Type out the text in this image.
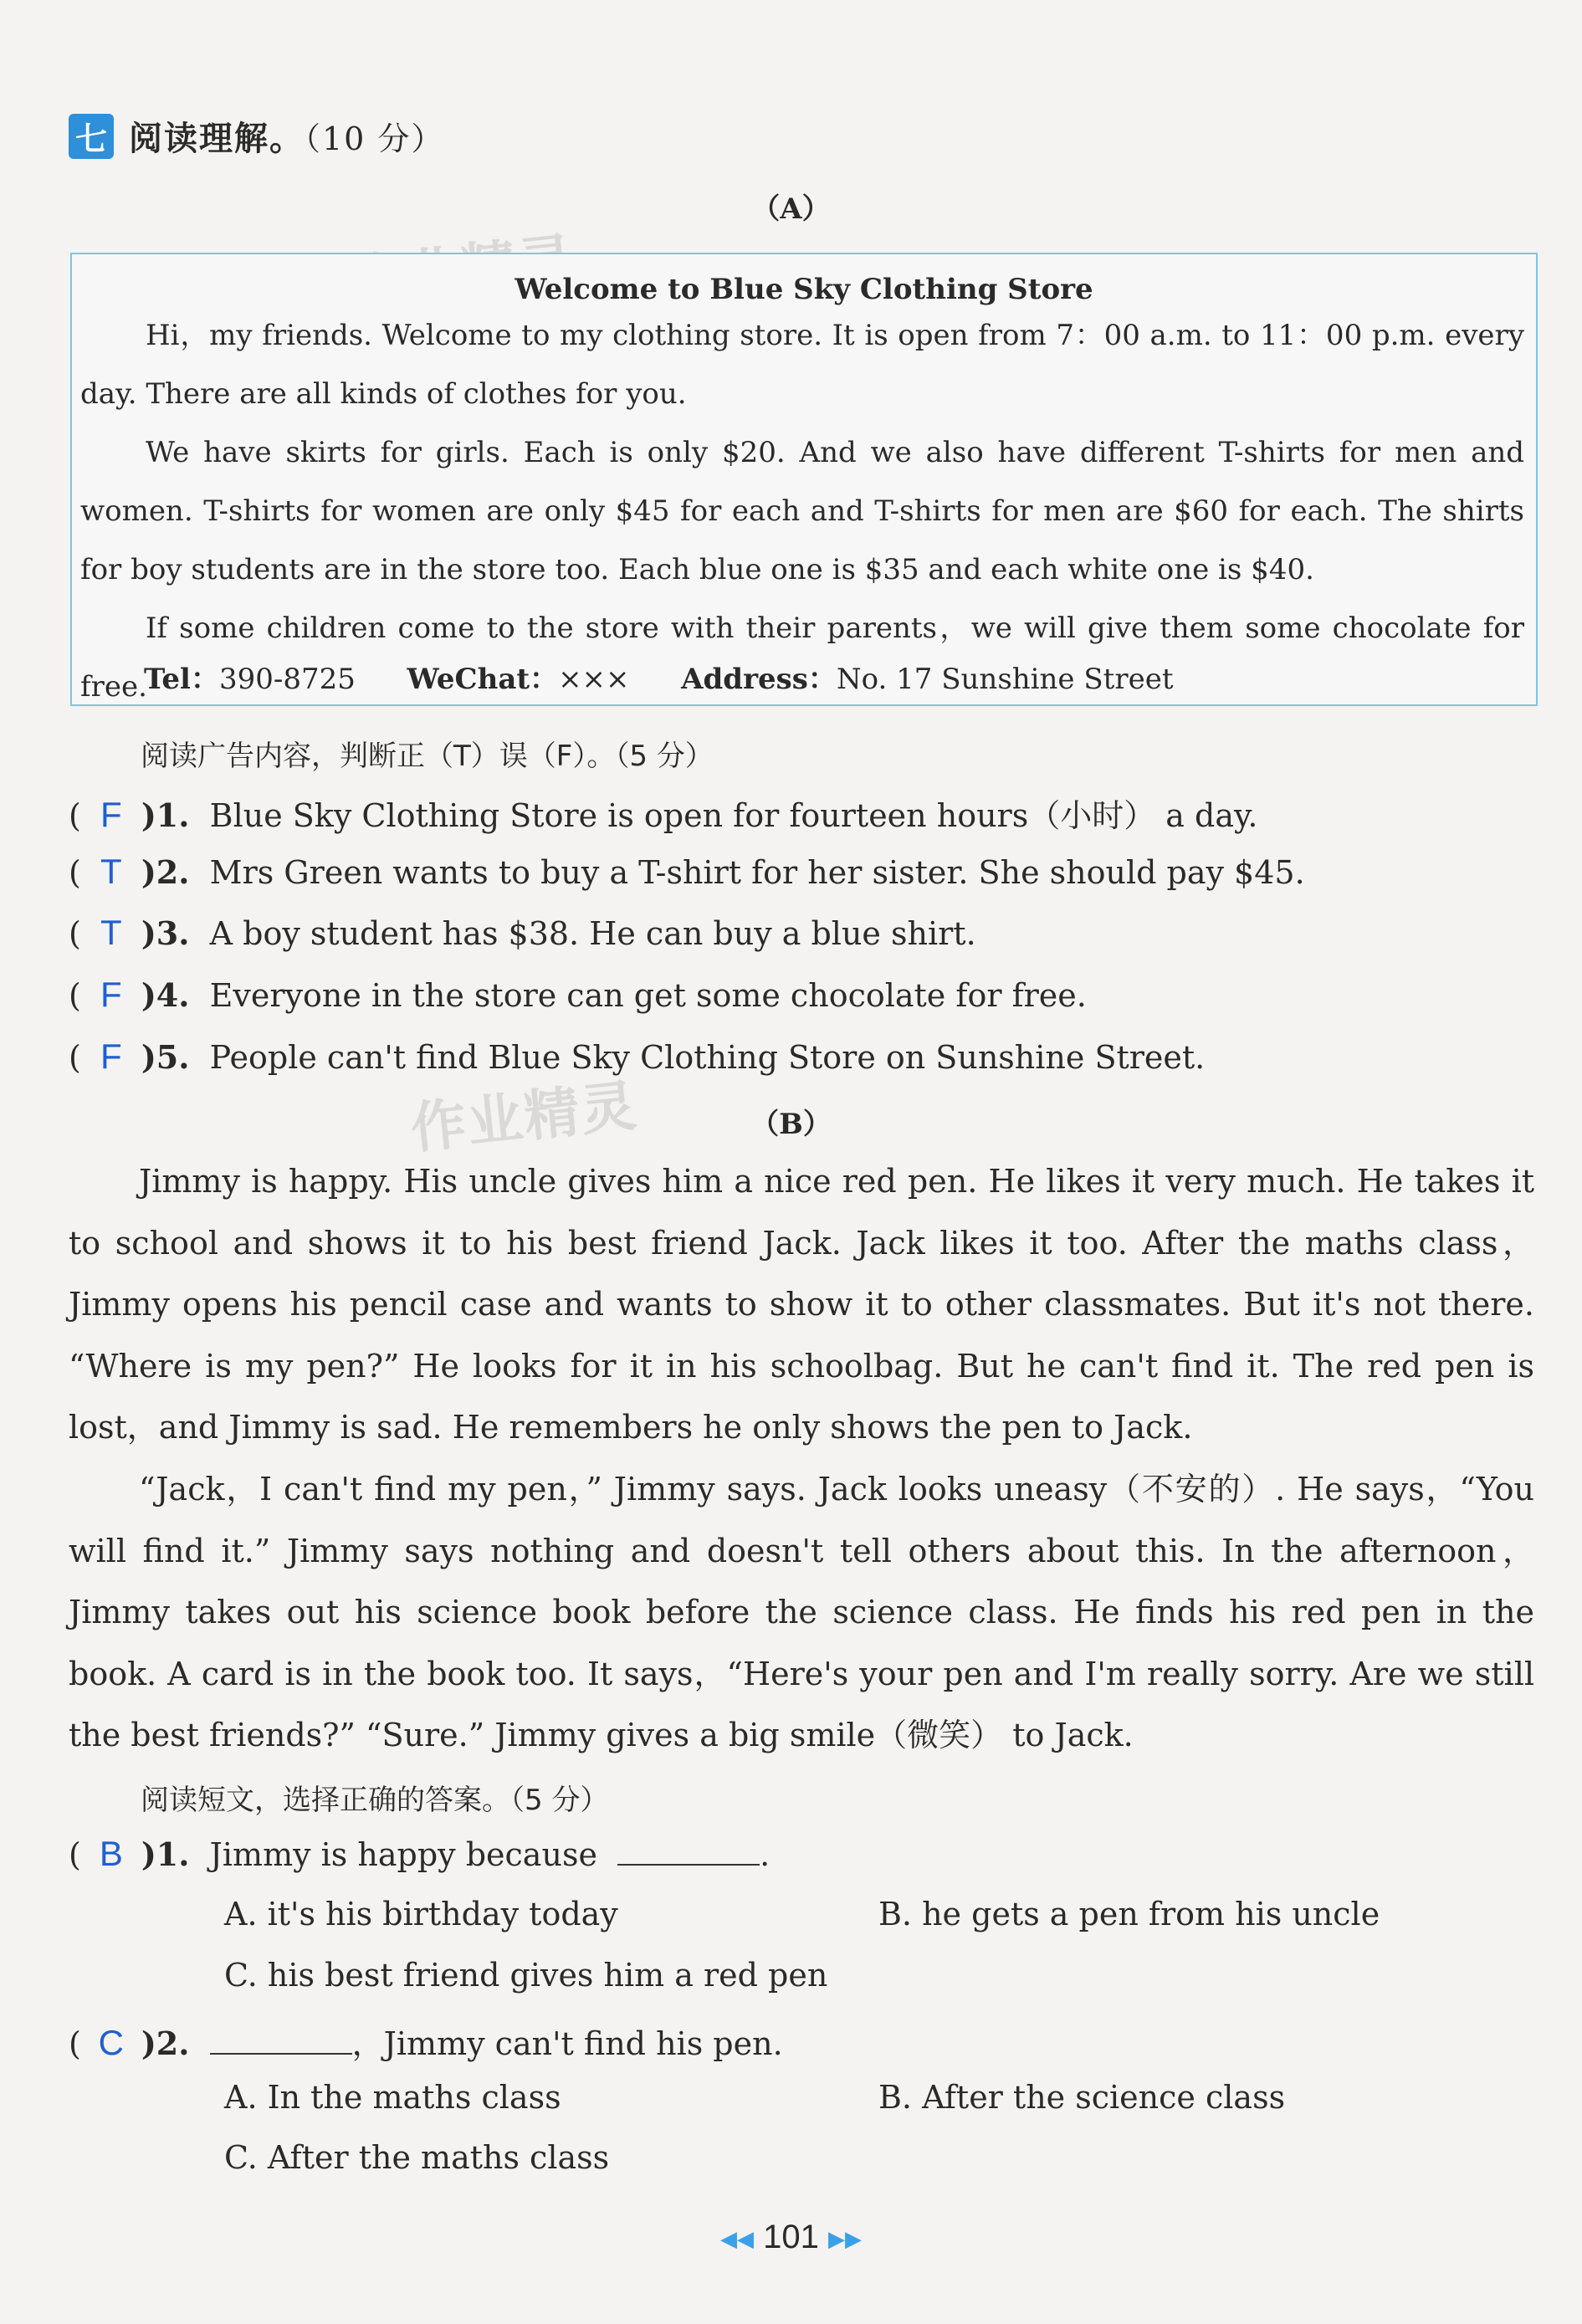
七 阅读理解。（10 分）
（A）
Welcome to Blue Sky Clothing Store
Hi，my friends. Welcome to my clothing store. It is open from 7：00 a.m. to 11：00 p.m. every day. There are all kinds of clothes for you.
We have skirts for girls. Each is only $20. And we also have different T-shirts for men and women. T-shirts for women are only $45 for each and T-shirts for men are $60 for each. The shirts for boy students are in the store too. Each blue one is $35 and each white one is $40.
If some children come to the store with their parents，we will give them some chocolate for free.
Tel：390-8725 WeChat：××× Address：No. 17 Sunshine Street
阅读广告内容，判断正（T）误（F）。（5 分）
( F )1. Blue Sky Clothing Store is open for fourteen hours（小时） a day.
( T )2. Mrs Green wants to buy a T-shirt for her sister. She should pay $45.
( T )3. A boy student has $38. He can buy a blue shirt.
( F )4. Everyone in the store can get some chocolate for free.
( F )5. People can't find Blue Sky Clothing Store on Sunshine Street.
作业精灵	（B）
Jimmy is happy. His uncle gives him a nice red pen. He likes it very much. He takes it to school and shows it to his best friend Jack. Jack likes it too. After the maths class，Jimmy opens his pencil case and wants to show it to other classmates. But it's not there. “Where is my pen?” He looks for it in his schoolbag. But he can't find it. The red pen is lost，and Jimmy is sad. He remembers he only shows the pen to Jack.
“Jack，I can't find my pen，” Jimmy says. Jack looks uneasy（不安的）. He says，“You will find it.” Jimmy says nothing and doesn't tell others about this. In the afternoon，Jimmy takes out his science book before the science class. He finds his red pen in the book. A card is in the book too. It says，“Here's your pen and I'm really sorry. Are we still the best friends?” “Sure.” Jimmy gives a big smile（微笑） to Jack.
阅读短文，选择正确的答案。（5 分）
( B )1. Jimmy is happy because	.
A. it's his birthday today	B. he gets a pen from his uncle
C. his best friend gives him a red pen
( C )2.	，Jimmy can't find his pen.
A. In the maths class	B. After the science class
C. After the maths class
◀◀ 101 ▶▶
